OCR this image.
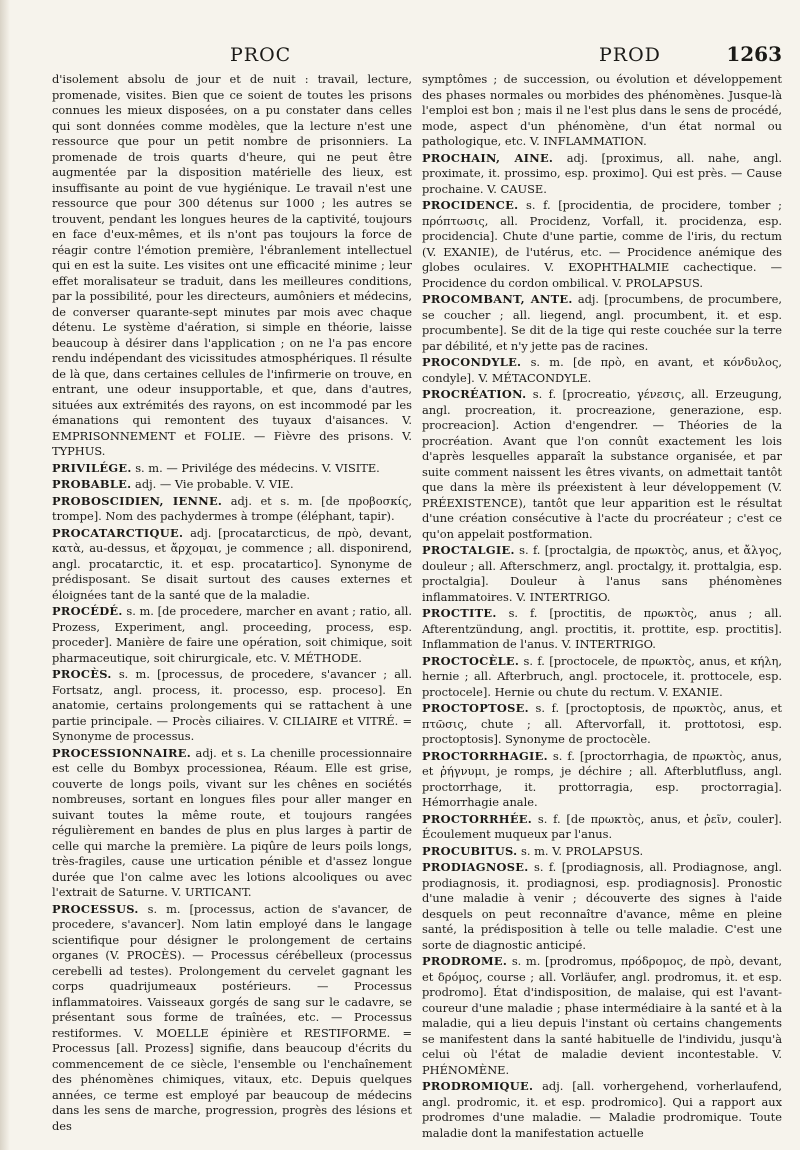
PROC	PROD	1263

d'isolement absolu de jour et de nuit : travail, lecture, promenade, visites. Bien que ce soient de toutes les prisons connues les mieux disposées, on a pu constater dans celles qui sont données comme modèles, que la lecture n'est une ressource que pour un petit nombre de prisonniers. La promenade de trois quarts d'heure, qui ne peut être augmentée par la disposition matérielle des lieux, est insuffisante au point de vue hygiénique. Le travail n'est une ressource que pour 300 détenus sur 1000 ; les autres se trouvent, pendant les longues heures de la captivité, toujours en face d'eux-mêmes, et ils n'ont pas toujours la force de réagir contre l'émotion première, l'ébranlement intellectuel qui en est la suite. Les visites ont une efficacité minime ; leur effet moralisateur se traduit, dans les meilleures conditions, par la possibilité, pour les directeurs, aumôniers et médecins, de converser quarante-sept minutes par mois avec chaque détenu. Le système d'aération, si simple en théorie, laisse beaucoup à désirer dans l'application ; on ne l'a pas encore rendu indépendant des vicissitudes atmosphériques. Il résulte de là que, dans certaines cellules de l'infirmerie on trouve, en entrant, une odeur insupportable, et que, dans d'autres, situées aux extrémités des rayons, on est incommodé par les émanations qui remontent des tuyaux d'aisances. V. EMPRISONNEMENT et FOLIE. — Fièvre des prisons. V. TYPHUS.

PRIVILÉGE. s. m. — Privilége des médecins. V. VISITE.

PROBABLE. adj. — Vie probable. V. VIE.

PROBOSCIDIEN, IENNE. adj. et s. m. [de προβοσκίς, trompe]. Nom des pachydermes à trompe (éléphant, tapir).

PROCATARCTIQUE. adj. [procatarcticus, de πρὸ, devant, κατὰ, au-dessus, et ἄρχομαι, je commence ; all. disponirend, angl. procatarctic, it. et esp. procatartico]. Synonyme de prédisposant. Se disait surtout des causes externes et éloignées tant de la santé que de la maladie.

PROCÉDÉ. s. m. [de procedere, marcher en avant ; ratio, all. Prozess, Experiment, angl. proceeding, process, esp. proceder]. Manière de faire une opération, soit chimique, soit pharmaceutique, soit chirurgicale, etc. V. MÉTHODE.

PROCÈS. s. m. [processus, de procedere, s'avancer ; all. Fortsatz, angl. process, it. processo, esp. proceso]. En anatomie, certains prolongements qui se rattachent à une partie principale. — Procès ciliaires. V. CILIAIRE et VITRÉ. = Synonyme de processus.

PROCESSIONNAIRE. adj. et s. La chenille processionnaire est celle du Bombyx processionea, Réaum. Elle est grise, couverte de longs poils, vivant sur les chênes en sociétés nombreuses, sortant en longues files pour aller manger en suivant toutes la même route, et toujours rangées régulièrement en bandes de plus en plus larges à partir de celle qui marche la première. La piqûre de leurs poils longs, très-fragiles, cause une urtication pénible et d'assez longue durée que l'on calme avec les lotions alcooliques ou avec l'extrait de Saturne. V. URTICANT.

PROCESSUS. s. m. [processus, action de s'avancer, de procedere, s'avancer]. Nom latin employé dans le langage scientifique pour désigner le prolongement de certains organes (V. PROCÈS). — Processus cérébelleux (processus cerebelli ad testes). Prolongement du cervelet gagnant les corps quadrijumeaux postérieurs. — Processus inflammatoires. Vaisseaux gorgés de sang sur le cadavre, se présentant sous forme de traînées, etc. — Processus restiformes. V. MOELLE épinière et RESTIFORME. = Processus [all. Prozess] signifie, dans beaucoup d'écrits du commencement de ce siècle, l'ensemble ou l'enchaînement des phénomènes chimiques, vitaux, etc. Depuis quelques années, ce terme est employé par beaucoup de médecins dans les sens de marche, progression, progrès des lésions et des

symptômes ; de succession, ou évolution et développement des phases normales ou morbides des phénomènes. Jusque-là l'emploi est bon ; mais il ne l'est plus dans le sens de procédé, mode, aspect d'un phénomène, d'un état normal ou pathologique, etc. V. INFLAMMATION.

PROCHAIN, AINE. adj. [proximus, all. nahe, angl. proximate, it. prossimo, esp. proximo]. Qui est près. — Cause prochaine. V. CAUSE.

PROCIDENCE. s. f. [procidentia, de procidere, tomber ; πρόπτωσις, all. Procidenz, Vorfall, it. procidenza, esp. procidencia]. Chute d'une partie, comme de l'iris, du rectum (V. EXANIE), de l'utérus, etc. — Procidence anémique des globes oculaires. V. EXOPHTHALMIE cachectique. — Procidence du cordon ombilical. V. PROLAPSUS.

PROCOMBANT, ANTE. adj. [procumbens, de procumbere, se coucher ; all. liegend, angl. procumbent, it. et esp. procumbente]. Se dit de la tige qui reste couchée sur la terre par débilité, et n'y jette pas de racines.

PROCONDYLE. s. m. [de πρὸ, en avant, et κόνδυλος, condyle]. V. MÉTACONDYLE.

PROCRÉATION. s. f. [procreatio, γένεσις, all. Erzeugung, angl. procreation, it. procreazione, generazione, esp. procreacion]. Action d'engendrer. — Théories de la procréation. Avant que l'on connût exactement les lois d'après lesquelles apparaît la substance organisée, et par suite comment naissent les êtres vivants, on admettait tantôt que dans la mère ils préexistent à leur développement (V. PRÉEXISTENCE), tantôt que leur apparition est le résultat d'une création consécutive à l'acte du procréateur ; c'est ce qu'on appelait postformation.

PROCTALGIE. s. f. [proctalgia, de πρωκτὸς, anus, et ἄλγος, douleur ; all. Afterschmerz, angl. proctalgy, it. prottalgia, esp. proctalgia]. Douleur à l'anus sans phénomènes inflammatoires. V. INTERTRIGO.

PROCTITE. s. f. [proctitis, de πρωκτὸς, anus ; all. Afterentzündung, angl. proctitis, it. prottite, esp. proctitis]. Inflammation de l'anus. V. INTERTRIGO.

PROCTOCÈLE. s. f. [proctocele, de πρωκτὸς, anus, et κήλη, hernie ; all. Afterbruch, angl. proctocele, it. prottocele, esp. proctocele]. Hernie ou chute du rectum. V. EXANIE.

PROCTOPTOSE. s. f. [proctoptosis, de πρωκτὸς, anus, et πτῶσις, chute ; all. Aftervorfall, it. prottotosi, esp. proctoptosis]. Synonyme de proctocèle.

PROCTORRHAGIE. s. f. [proctorrhagia, de πρωκτὸς, anus, et ῥήγνυμι, je romps, je déchire ; all. Afterblutfluss, angl. proctorrhage, it. prottorragia, esp. proctorragia]. Hémorrhagie anale.

PROCTORRHÉE. s. f. [de πρωκτὸς, anus, et ῥεῖν, couler]. Écoulement muqueux par l'anus.

PROCUBITUS. s. m. V. PROLAPSUS.

PRODIAGNOSE. s. f. [prodiagnosis, all. Prodiagnose, angl. prodiagnosis, it. prodiagnosi, esp. prodiagnosis]. Pronostic d'une maladie à venir ; découverte des signes à l'aide desquels on peut reconnaître d'avance, même en pleine santé, la prédisposition à telle ou telle maladie. C'est une sorte de diagnostic anticipé.

PRODROME. s. m. [prodromus, πρόδρομος, de πρὸ, devant, et δρόμος, course ; all. Vorläufer, angl. prodromus, it. et esp. prodromo]. État d'indisposition, de malaise, qui est l'avant-coureur d'une maladie ; phase intermédiaire à la santé et à la maladie, qui a lieu depuis l'instant où certains changements se manifestent dans la santé habituelle de l'individu, jusqu'à celui où l'état de maladie devient incontestable. V. PHÉNOMÈNE.

PRODROMIQUE. adj. [all. vorhergehend, vorherlaufend, angl. prodromic, it. et esp. prodromico]. Qui a rapport aux prodromes d'une maladie. — Maladie prodromique. Toute maladie dont la manifestation actuelle
